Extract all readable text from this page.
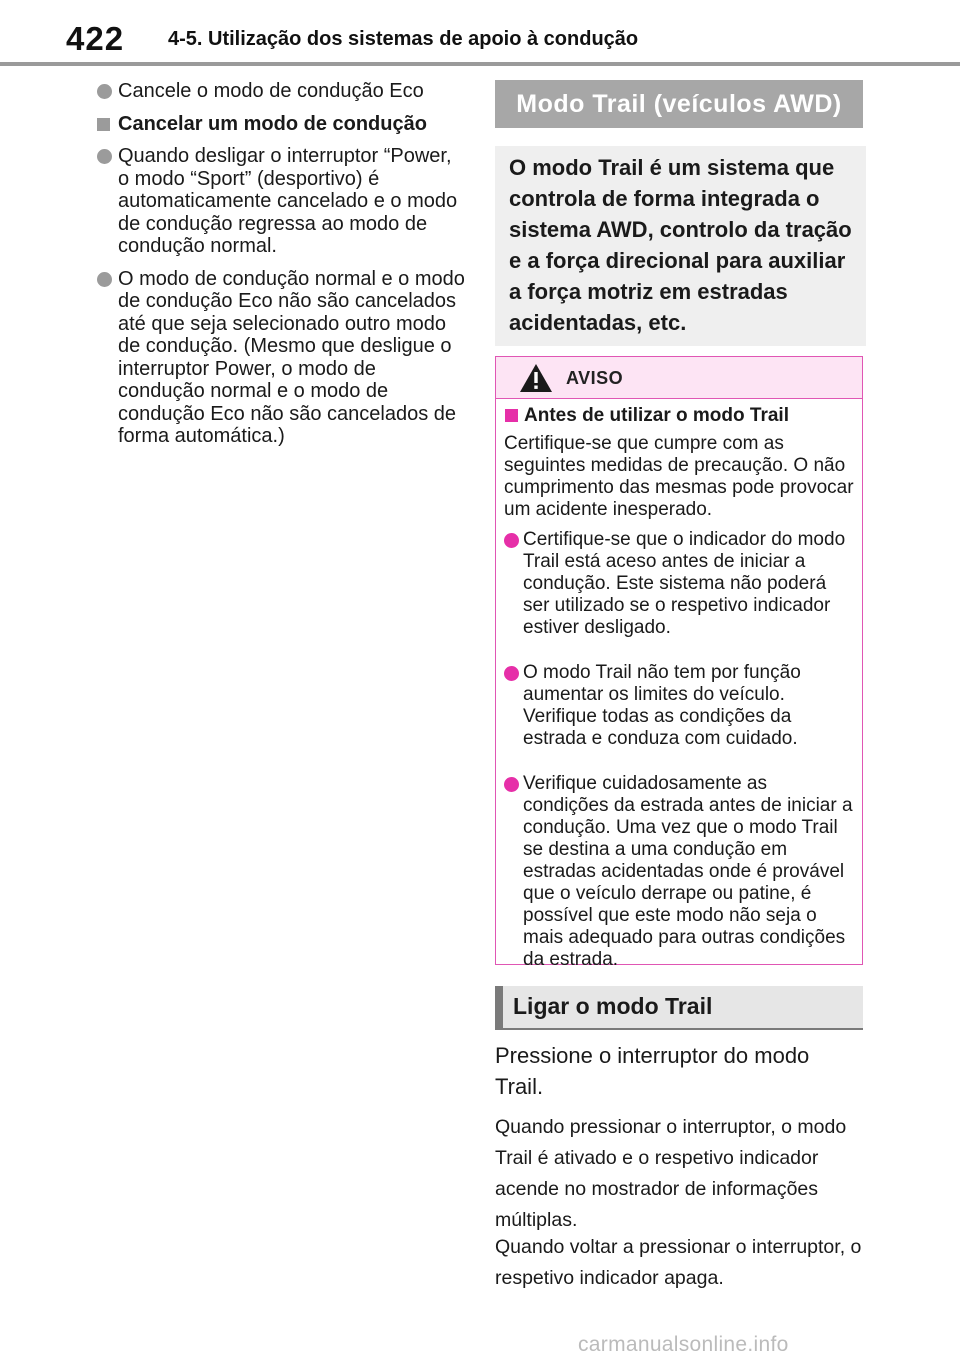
422 4-5. Utilização dos sistemas de apoio à condução
Cancele o modo de condução Eco
Cancelar um modo de condução
Quando desligar o interruptor “Power, o modo “Sport” (desportivo) é automaticamente cancelado e o modo de condução regressa ao modo de condução normal.
O modo de condução normal e o modo de condução Eco não são cancelados até que seja selecionado outro modo de condução. (Mesmo que desligue o interruptor Power, o modo de condução normal e o modo de condução Eco não são cancelados de forma automática.)
Modo Trail (veículos AWD)
O modo Trail é um sistema que controla de forma integrada o sistema AWD, controlo da tração e a força direcional para auxiliar a força motriz em estradas acidentadas, etc.
AVISO
Antes de utilizar o modo Trail
Certifique-se que cumpre com as seguintes medidas de precaução. O não cumprimento das mesmas pode provocar um acidente inesperado.
Certifique-se que o indicador do modo Trail está aceso antes de iniciar a condução. Este sistema não poderá ser utilizado se o respetivo indicador estiver desligado.
O modo Trail não tem por função aumentar os limites do veículo. Verifique todas as condições da estrada e conduza com cuidado.
Verifique cuidadosamente as condições da estrada antes de iniciar a condução. Uma vez que o modo Trail se destina a uma condução em estradas acidentadas onde é provável que o veículo derrape ou patine, é possível que este modo não seja o mais adequado para outras condições da estrada.
Ligar o modo Trail
Pressione o interruptor do modo Trail.
Quando pressionar o interruptor, o modo Trail é ativado e o respetivo indicador acende no mostrador de informações múltiplas.
Quando voltar a pressionar o interruptor, o respetivo indicador apaga.
carmanualsonline.info
